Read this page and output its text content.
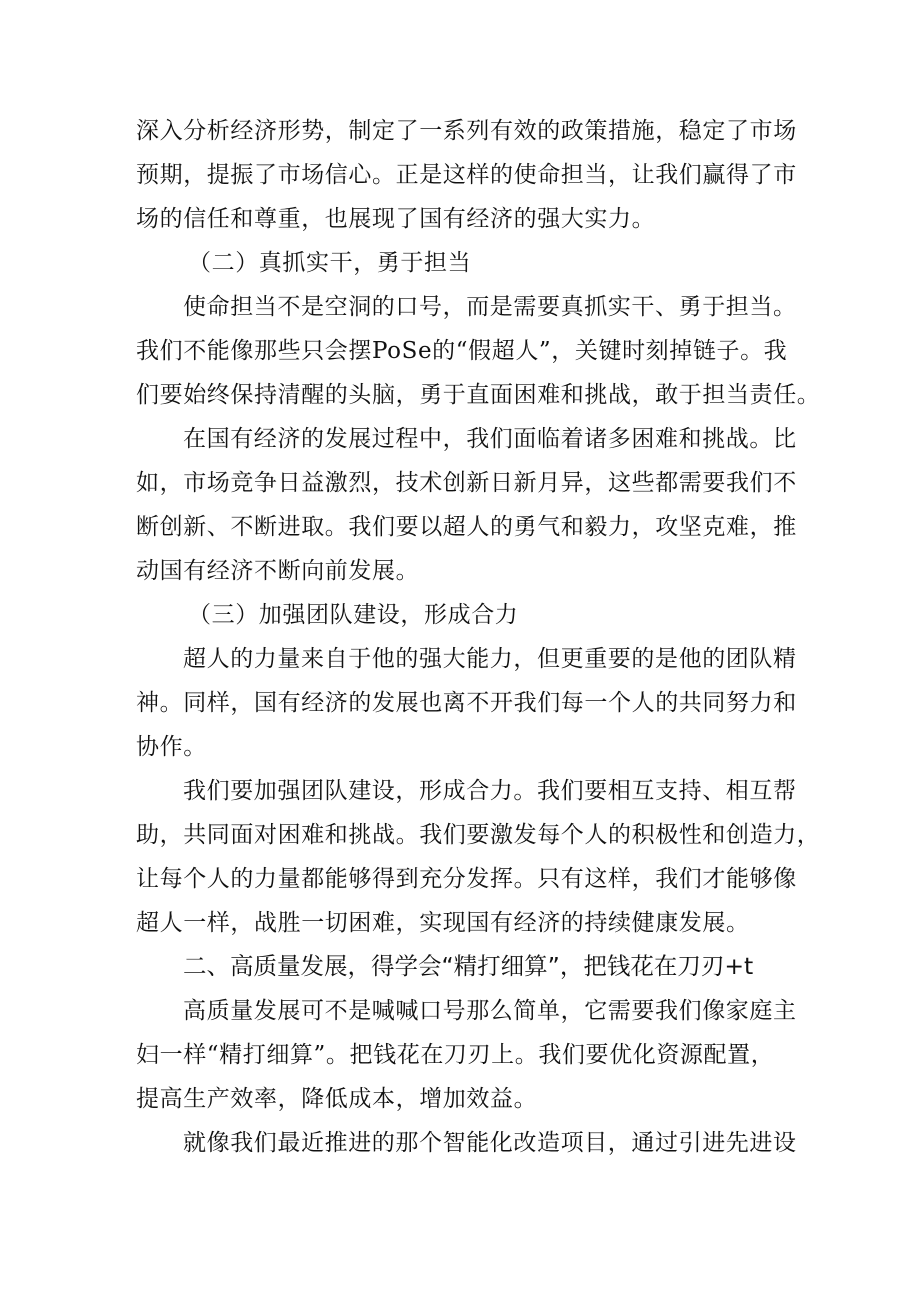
深入分析经济形势，制定了一系列有效的政策措施，稳定了市场
预期，提振了市场信心。正是这样的使命担当，让我们赢得了市
场的信任和尊重，也展现了国有经济的强大实力。
（二）真抓实干，勇于担当
使命担当不是空洞的口号，而是需要真抓实干、勇于担当。
我们不能像那些只会摆PoSe的“假超人”，关键时刻掉链子。我
们要始终保持清醒的头脑，勇于直面困难和挑战，敢于担当责任。
在国有经济的发展过程中，我们面临着诸多困难和挑战。比
如，市场竞争日益激烈，技术创新日新月异，这些都需要我们不
断创新、不断进取。我们要以超人的勇气和毅力，攻坚克难，推
动国有经济不断向前发展。
（三）加强团队建设，形成合力
超人的力量来自于他的强大能力，但更重要的是他的团队精
神。同样，国有经济的发展也离不开我们每一个人的共同努力和
协作。
我们要加强团队建设，形成合力。我们要相互支持、相互帮
助，共同面对困难和挑战。我们要激发每个人的积极性和创造力，
让每个人的力量都能够得到充分发挥。只有这样，我们才能够像
超人一样，战胜一切困难，实现国有经济的持续健康发展。
二、高质量发展，得学会“精打细算”，把钱花在刀刃+t
高质量发展可不是喊喊口号那么简单，它需要我们像家庭主
妇一样“精打细算”。把钱花在刀刃上。我们要优化资源配置，
提高生产效率，降低成本，增加效益。
就像我们最近推进的那个智能化改造项目，通过引进先进设
